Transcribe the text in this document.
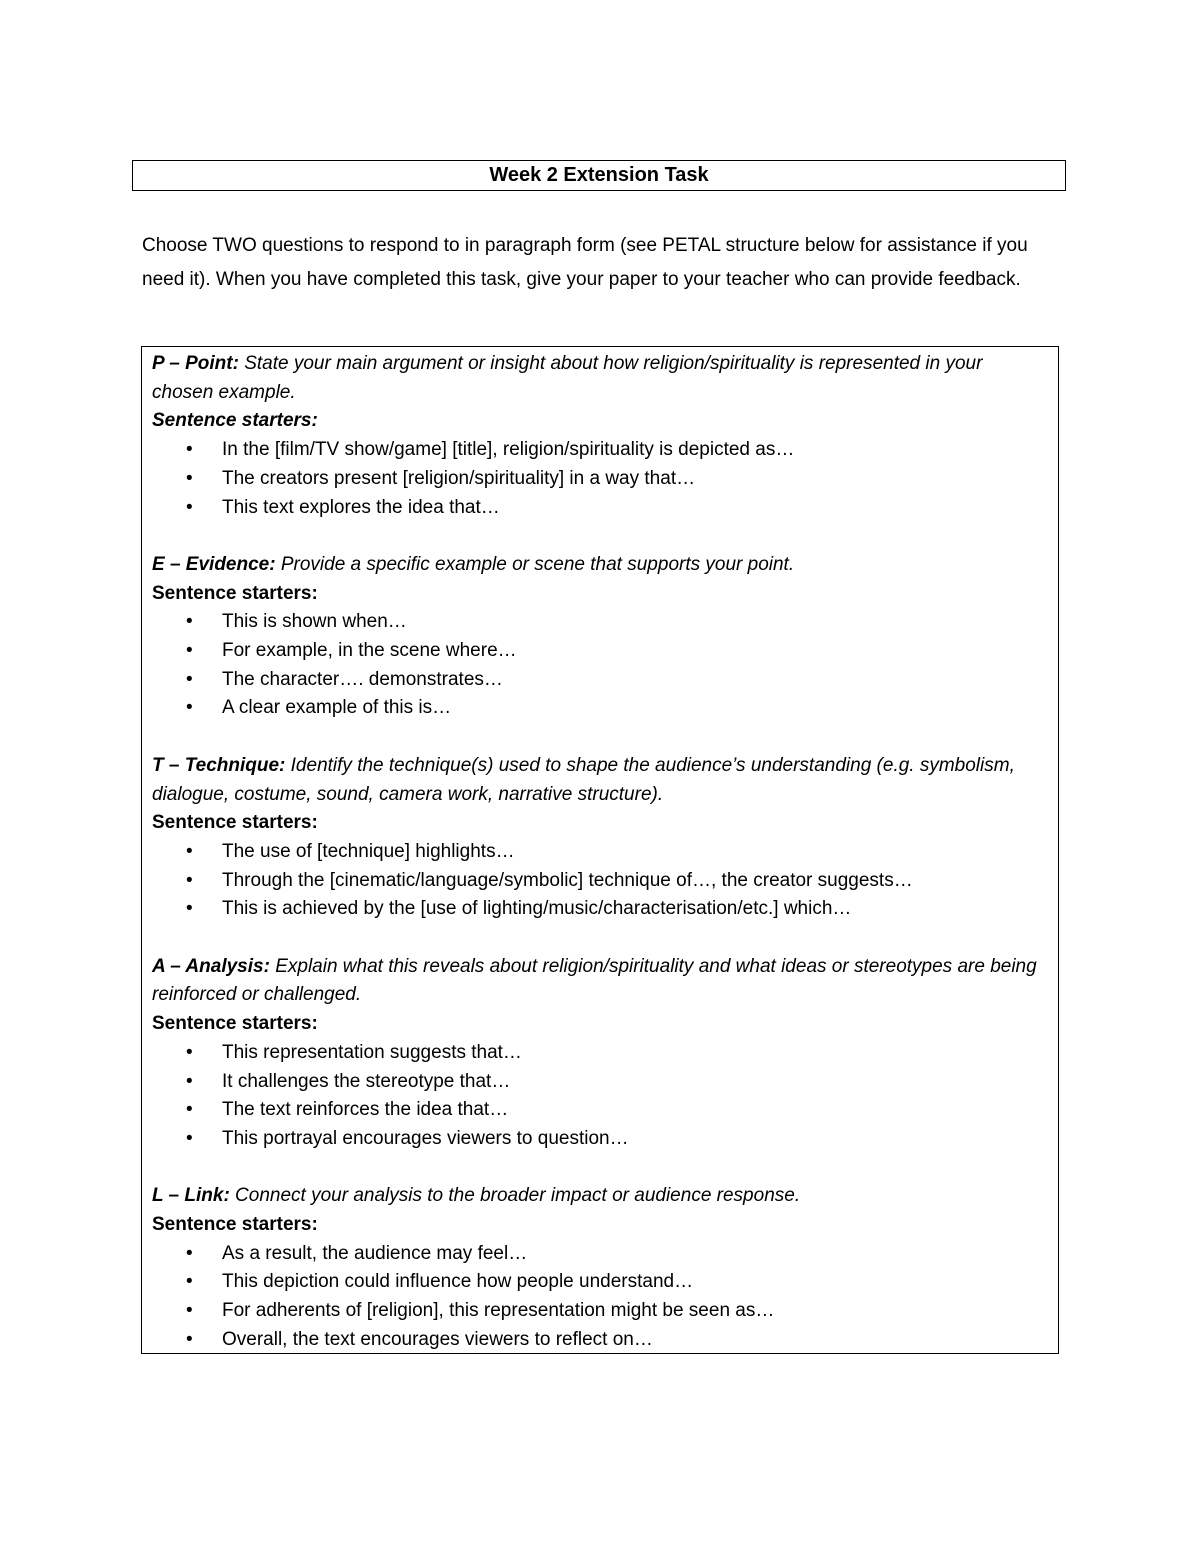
Week 2 Extension Task
Choose TWO questions to respond to in paragraph form (see PETAL structure below for assistance if you need it). When you have completed this task, give your paper to your teacher who can provide feedback.
P – Point: State your main argument or insight about how religion/spirituality is represented in your chosen example.
Sentence starters:
• In the [film/TV show/game] [title], religion/spirituality is depicted as…
• The creators present [religion/spirituality] in a way that…
• This text explores the idea that…
E – Evidence: Provide a specific example or scene that supports your point.
Sentence starters:
• This is shown when…
• For example, in the scene where…
• The character…. demonstrates…
• A clear example of this is…
T – Technique: Identify the technique(s) used to shape the audience’s understanding (e.g. symbolism, dialogue, costume, sound, camera work, narrative structure).
Sentence starters:
• The use of [technique] highlights…
• Through the [cinematic/language/symbolic] technique of…, the creator suggests…
• This is achieved by the [use of lighting/music/characterisation/etc.] which…
A – Analysis: Explain what this reveals about religion/spirituality and what ideas or stereotypes are being reinforced or challenged.
Sentence starters:
• This representation suggests that…
• It challenges the stereotype that…
• The text reinforces the idea that…
• This portrayal encourages viewers to question…
L – Link: Connect your analysis to the broader impact or audience response.
Sentence starters:
• As a result, the audience may feel…
• This depiction could influence how people understand…
• For adherents of [religion], this representation might be seen as…
• Overall, the text encourages viewers to reflect on…
